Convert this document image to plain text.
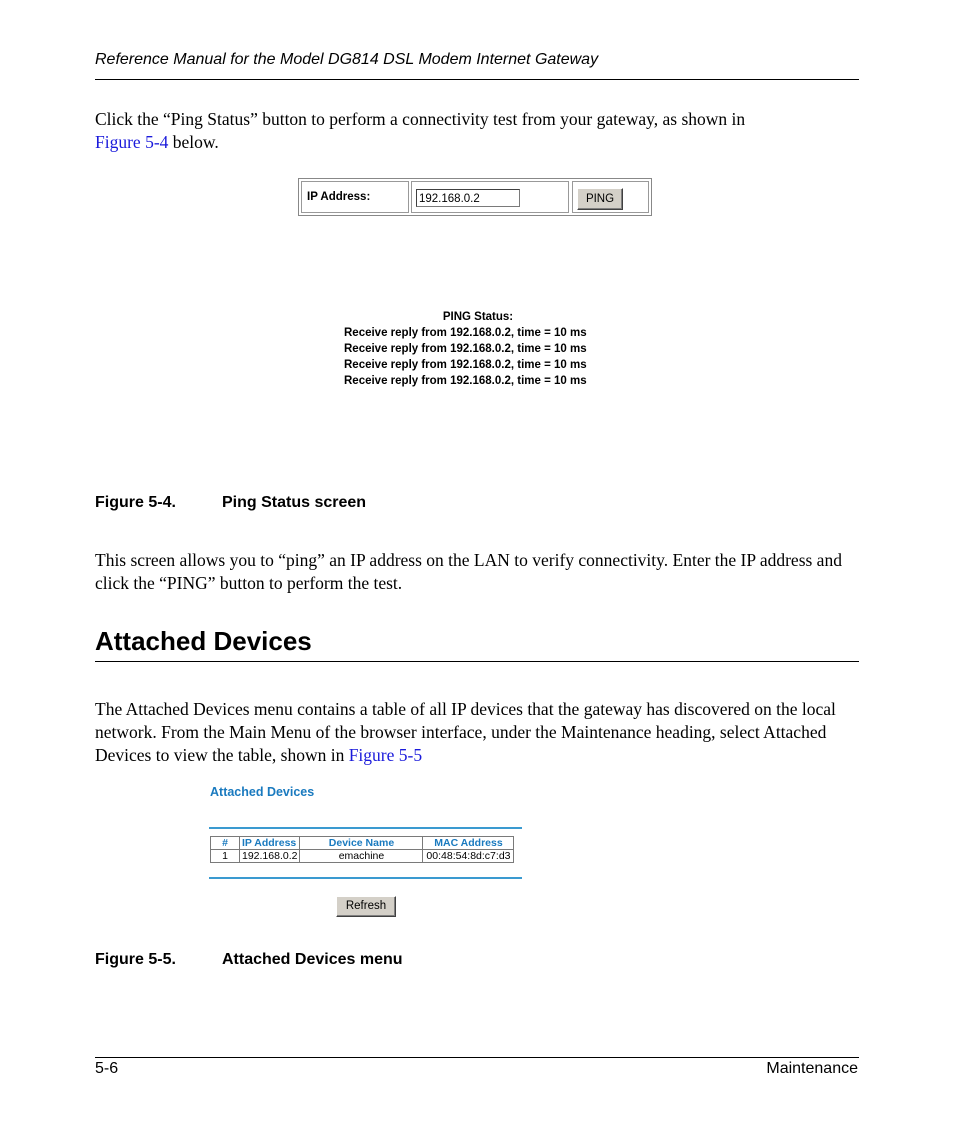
Reference Manual for the Model DG814 DSL Modem Internet Gateway
Click the “Ping Status” button to perform a connectivity test from your gateway, as shown in
Figure 5-4 below.
IP Address:	192.168.0.2	PING
PING Status:
Receive reply from 192.168.0.2, time = 10 ms
Receive reply from 192.168.0.2, time = 10 ms
Receive reply from 192.168.0.2, time = 10 ms
Receive reply from 192.168.0.2, time = 10 ms
Figure 5-4.	Ping Status screen
This screen allows you to “ping” an IP address on the LAN to verify connectivity. Enter the IP address and click the “PING” button to perform the test.
Attached Devices
The Attached Devices menu contains a table of all IP devices that the gateway has discovered on the local network. From the Main Menu of the browser interface, under the Maintenance heading, select Attached Devices to view the table, shown in Figure 5-5
Attached Devices
#	IP Address	Device Name	MAC Address
1	192.168.0.2	emachine	00:48:54:8d:c7:d3
Refresh
Figure 5-5.	Attached Devices menu
5-6	Maintenance
